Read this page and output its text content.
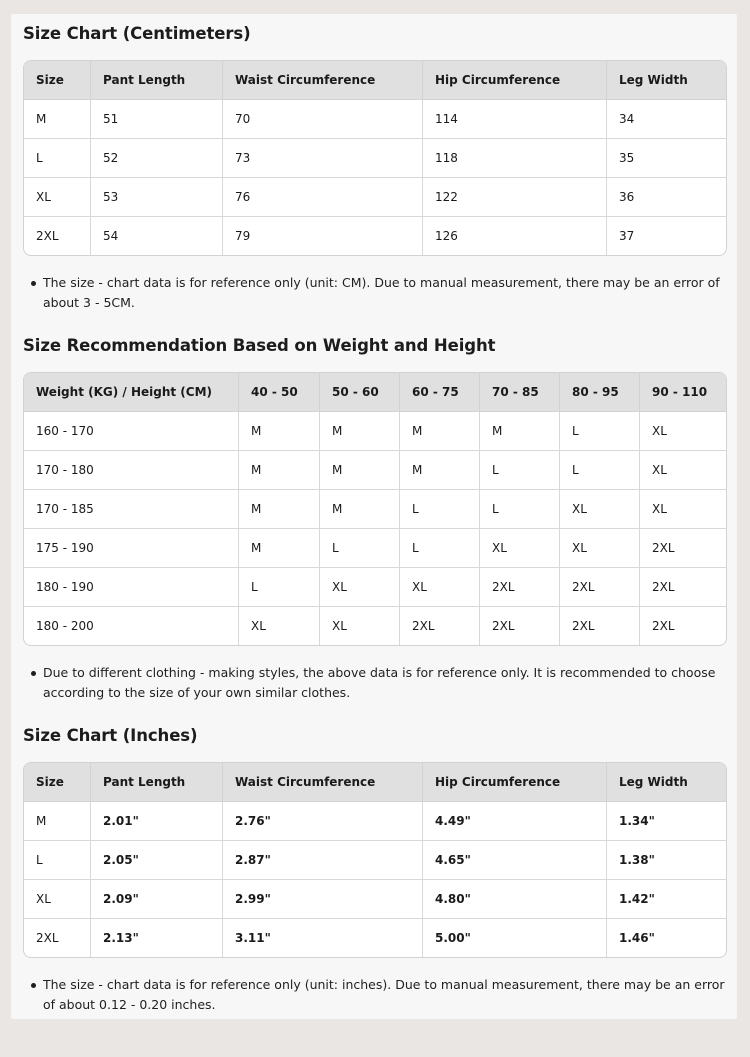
Size Chart (Centimeters)
Size	Pant Length	Waist Circumference	Hip Circumference	Leg Width
M	51	70	114	34
L	52	73	118	35
XL	53	76	122	36
2XL	54	79	126	37
The size - chart data is for reference only (unit: CM). Due to manual measurement, there may be an error of about 3 - 5CM.
Size Recommendation Based on Weight and Height
Weight (KG) / Height (CM)	40 - 50	50 - 60	60 - 75	70 - 85	80 - 95	90 - 110
160 - 170	M	M	M	M	L	XL
170 - 180	M	M	M	L	L	XL
170 - 185	M	M	L	L	XL	XL
175 - 190	M	L	L	XL	XL	2XL
180 - 190	L	XL	XL	2XL	2XL	2XL
180 - 200	XL	XL	2XL	2XL	2XL	2XL
Due to different clothing - making styles, the above data is for reference only. It is recommended to choose according to the size of your own similar clothes.
Size Chart (Inches)
Size	Pant Length	Waist Circumference	Hip Circumference	Leg Width
M	2.01"	2.76"	4.49"	1.34"
L	2.05"	2.87"	4.65"	1.38"
XL	2.09"	2.99"	4.80"	1.42"
2XL	2.13"	3.11"	5.00"	1.46"
The size - chart data is for reference only (unit: inches). Due to manual measurement, there may be an error of about 0.12 - 0.20 inches.
